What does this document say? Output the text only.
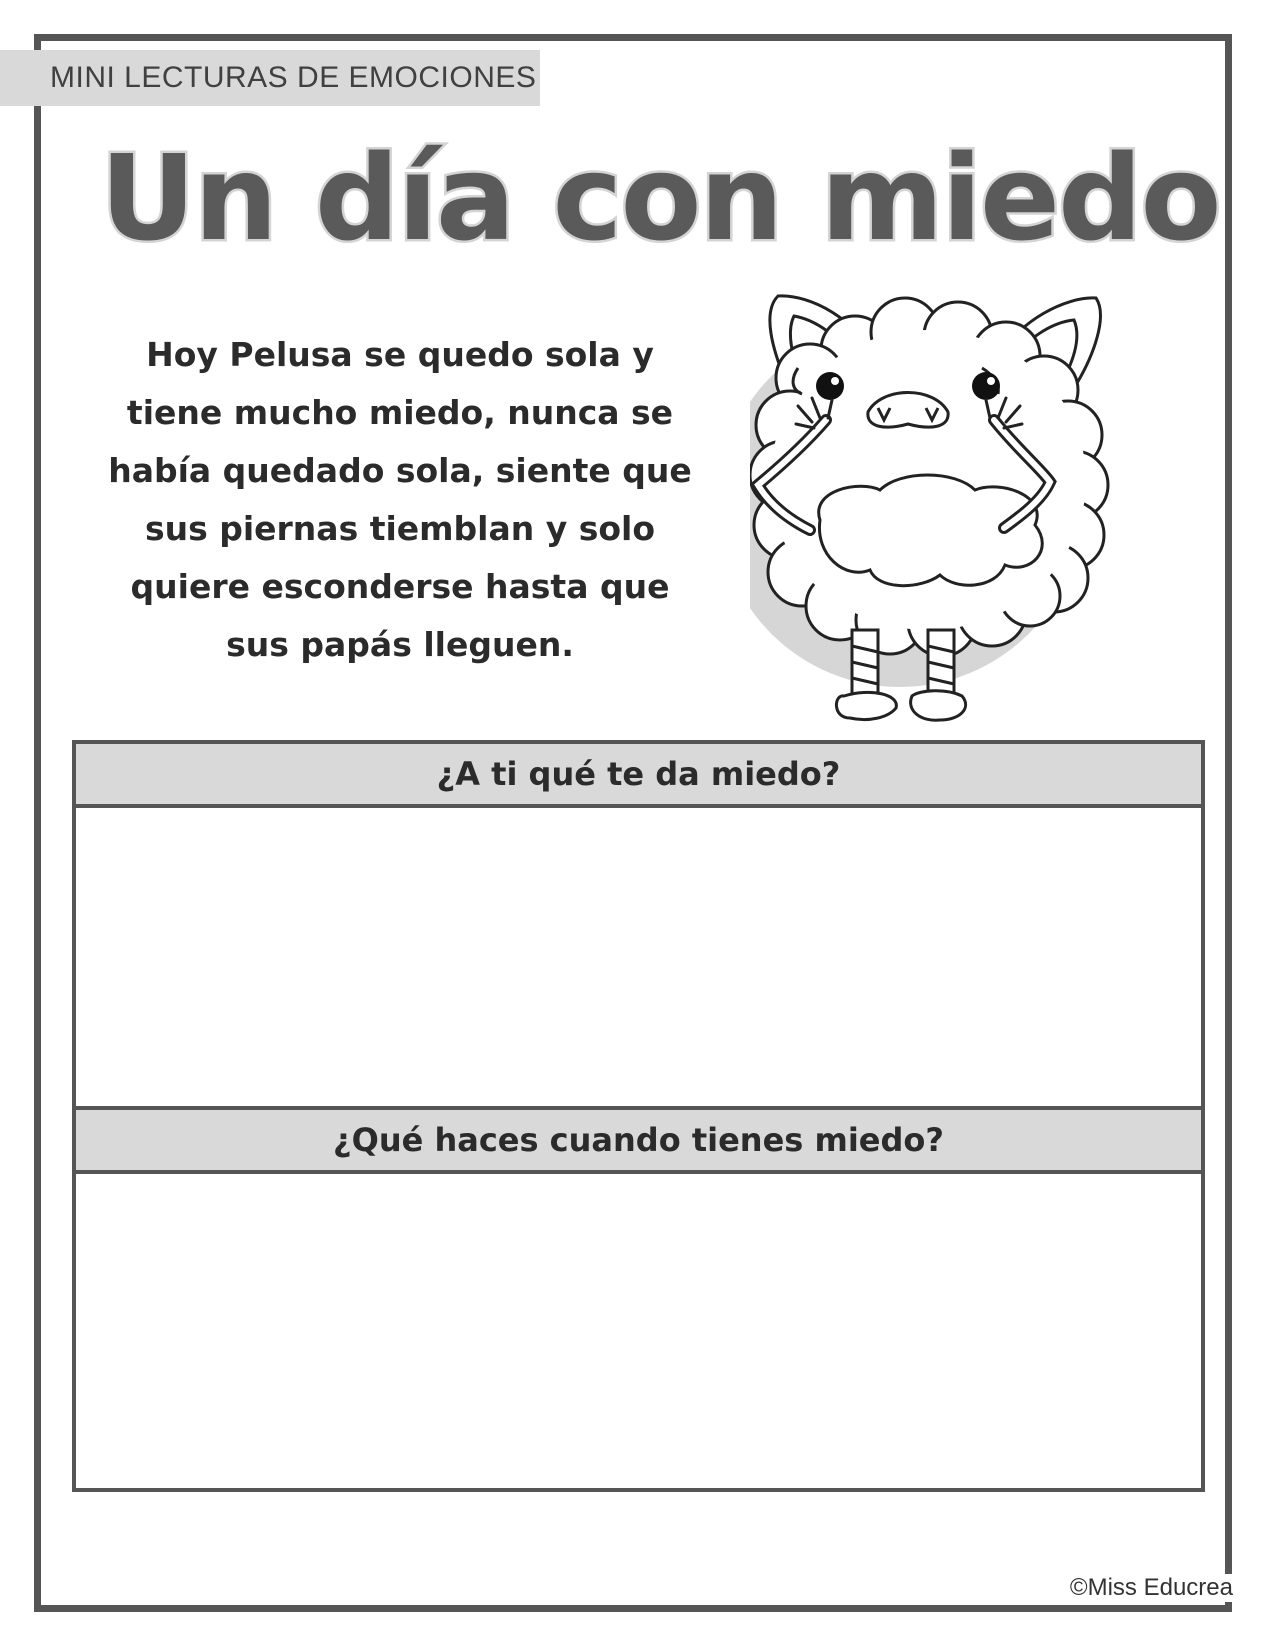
MINI LECTURAS DE EMOCIONES
Un día con miedo

Hoy Pelusa se quedo sola y
tiene mucho miedo, nunca se
había quedado sola, siente que
sus piernas tiemblan y solo
quiere esconderse hasta que
sus papás lleguen.

¿A ti qué te da miedo?
¿Qué haces cuando tienes miedo?
©Miss Educrea
